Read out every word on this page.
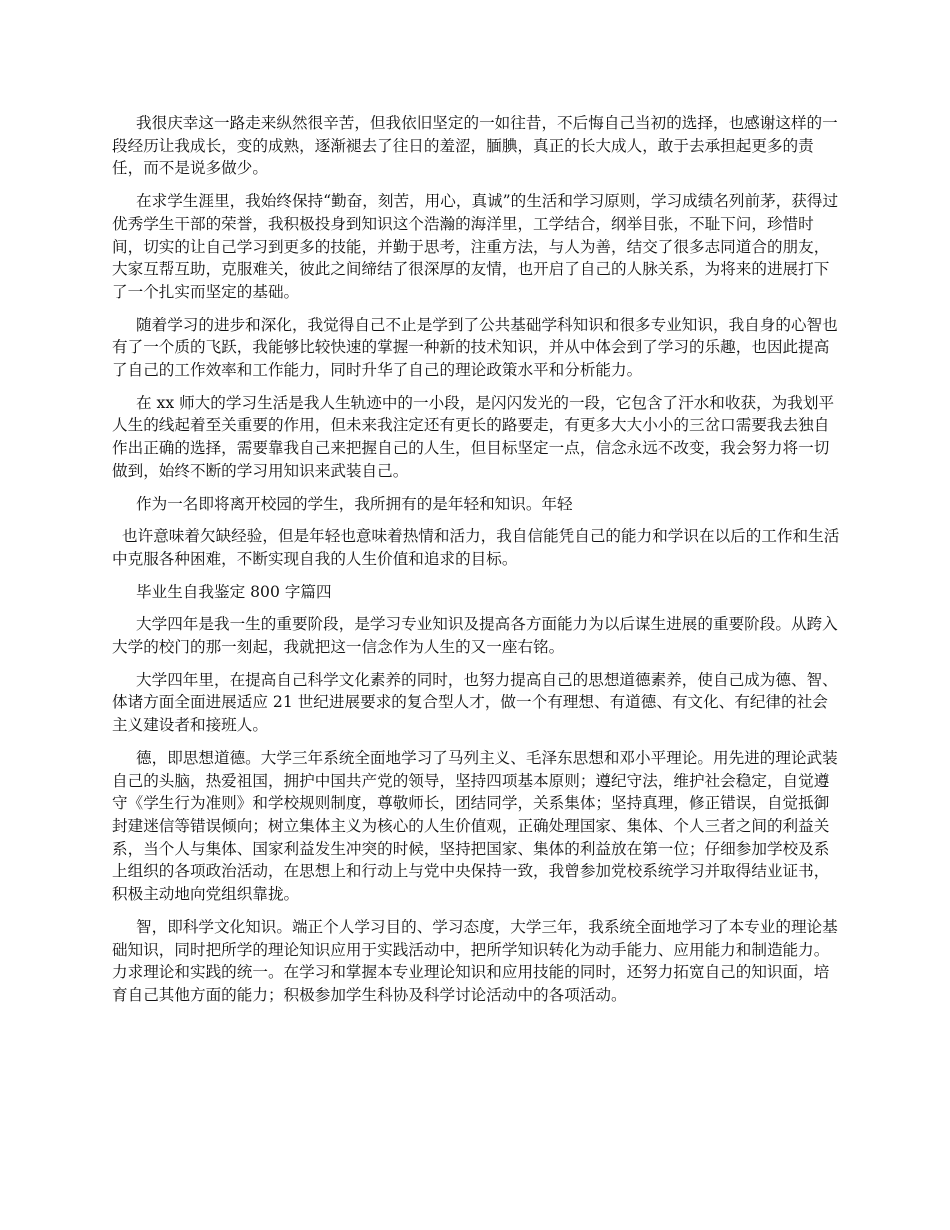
我很庆幸这一路走来纵然很辛苦，但我依旧坚定的一如往昔，不后悔自己当初的选择，也感谢这样的一段经历让我成长，变的成熟，逐渐褪去了往日的羞涩，腼腆，真正的长大成人，敢于去承担起更多的责任，而不是说多做少。

在求学生涯里，我始终保持“勤奋，刻苦，用心，真诚”的生活和学习原则，学习成绩名列前茅，获得过优秀学生干部的荣誉，我积极投身到知识这个浩瀚的海洋里，工学结合，纲举目张，不耻下问，珍惜时间，切实的让自己学习到更多的技能，并勤于思考，注重方法，与人为善，结交了很多志同道合的朋友，大家互帮互助，克服难关，彼此之间缔结了很深厚的友情，也开启了自己的人脉关系，为将来的进展打下了一个扎实而坚定的基础。

随着学习的进步和深化，我觉得自己不止是学到了公共基础学科知识和很多专业知识，我自身的心智也有了一个质的飞跃，我能够比较快速的掌握一种新的技术知识，并从中体会到了学习的乐趣，也因此提高了自己的工作效率和工作能力，同时升华了自己的理论政策水平和分析能力。

在 xx 师大的学习生活是我人生轨迹中的一小段，是闪闪发光的一段，它包含了汗水和收获，为我划平人生的线起着至关重要的作用，但未来我注定还有更长的路要走，有更多大大小小的三岔口需要我去独自作出正确的选择，需要靠我自己来把握自己的人生，但目标坚定一点，信念永远不改变，我会努力将一切做到，始终不断的学习用知识来武装自己。

作为一名即将离开校园的学生，我所拥有的是年轻和知识。年轻

也许意味着欠缺经验，但是年轻也意味着热情和活力，我自信能凭自己的能力和学识在以后的工作和生活中克服各种困难，不断实现自我的人生价值和追求的目标。

毕业生自我鉴定 800 字篇四

大学四年是我一生的重要阶段，是学习专业知识及提高各方面能力为以后谋生进展的重要阶段。从跨入大学的校门的那一刻起，我就把这一信念作为人生的又一座右铭。

大学四年里，在提高自己科学文化素养的同时，也努力提高自己的思想道德素养，使自己成为德、智、体诸方面全面进展适应 21 世纪进展要求的复合型人才，做一个有理想、有道德、有文化、有纪律的社会主义建设者和接班人。

德，即思想道德。大学三年系统全面地学习了马列主义、毛泽东思想和邓小平理论。用先进的理论武装自己的头脑，热爱祖国，拥护中国共产党的领导，坚持四项基本原则；遵纪守法，维护社会稳定，自觉遵守《学生行为准则》和学校规则制度，尊敬师长，团结同学，关系集体；坚持真理，修正错误，自觉抵御封建迷信等错误倾向；树立集体主义为核心的人生价值观，正确处理国家、集体、个人三者之间的利益关系，当个人与集体、国家利益发生冲突的时候，坚持把国家、集体的利益放在第一位；仔细参加学校及系上组织的各项政治活动，在思想上和行动上与党中央保持一致，我曾参加党校系统学习并取得结业证书，积极主动地向党组织靠拢。

智，即科学文化知识。端正个人学习目的、学习态度，大学三年，我系统全面地学习了本专业的理论基础知识，同时把所学的理论知识应用于实践活动中，把所学知识转化为动手能力、应用能力和制造能力。力求理论和实践的统一。在学习和掌握本专业理论知识和应用技能的同时，还努力拓宽自己的知识面，培育自己其他方面的能力；积极参加学生科协及科学讨论活动中的各项活动。
